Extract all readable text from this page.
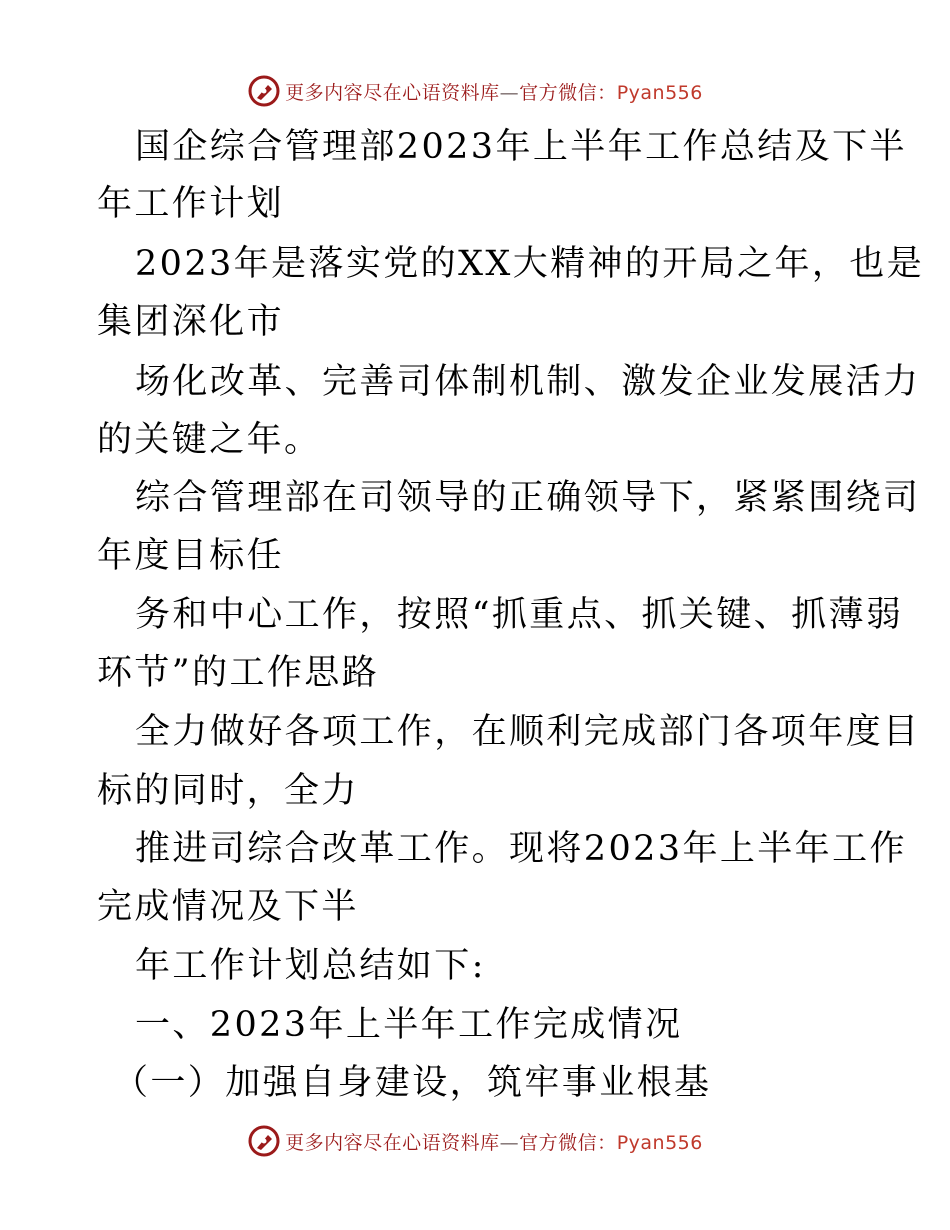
更多内容尽在心语资料库—官方微信：Pyan556
国企综合管理部2023年上半年工作总结及下半
年工作计划
2023年是落实党的XX大精神的开局之年，也是
集团深化市
场化改革、完善司体制机制、激发企业发展活力
的关键之年。
综合管理部在司领导的正确领导下，紧紧围绕司
年度目标任
务和中心工作，按照“抓重点、抓关键、抓薄弱
环节”的工作思路
全力做好各项工作，在顺利完成部门各项年度目
标的同时，全力
推进司综合改革工作。现将2023年上半年工作
完成情况及下半
年工作计划总结如下:
一、2023年上半年工作完成情况
（一）加强自身建设，筑牢事业根基
更多内容尽在心语资料库—官方微信：Pyan556
